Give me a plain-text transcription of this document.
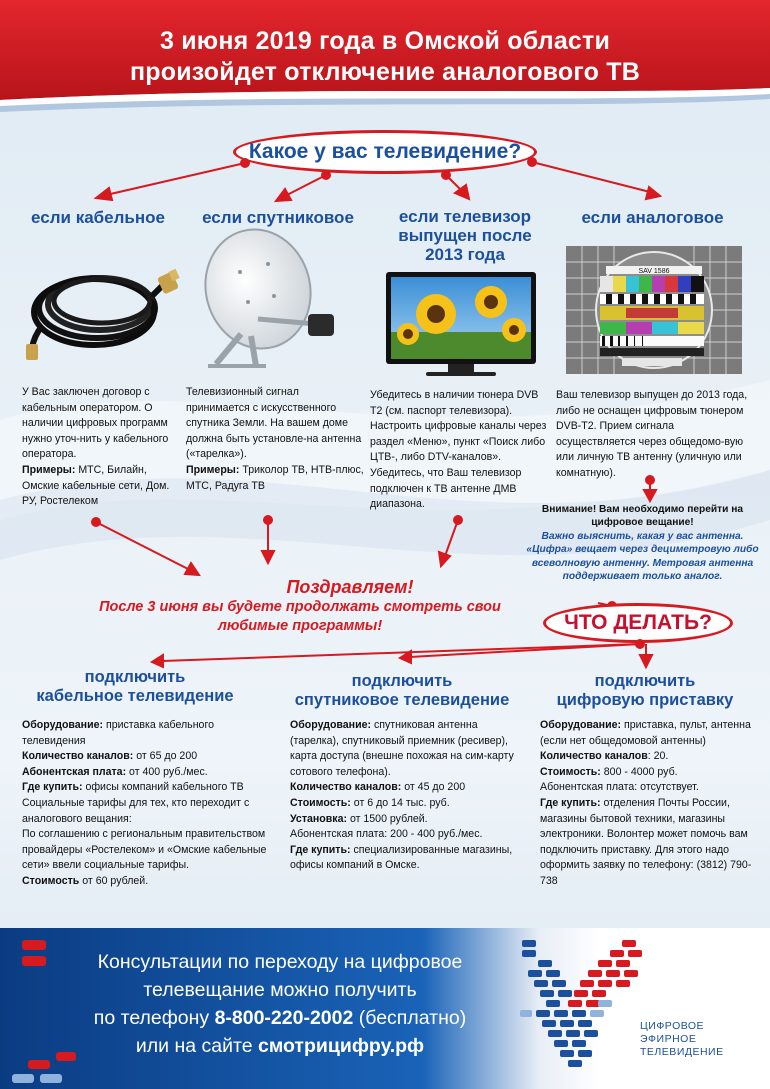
3 июня 2019 года в Омской области
произойдет отключение аналогового ТВ
Какое у вас телевидение?
если кабельное	если спутниковое	если телевизор
выпущен после
2013 года
если аналоговое
SAV 1586
У Вас заключен договор с кабельным оператором. О наличии цифровых программ нужно уточ-нить у кабельного оператора.
Примеры: МТС, Билайн, Омские кабельные сети, Дом. РУ, Ростелеком
Телевизионный сигнал принимается с искусственного спутника Земли. На вашем доме должна быть установле-на антенна («тарелка»).
Примеры: Триколор ТВ, НТВ-плюс, МТС, Радуга ТВ
Убедитесь в наличии тюнера DVB T2 (см. паспорт телевизора). Настроить цифровые каналы через раздел «Меню», пункт «Поиск либо ЦТВ-, либо DTV-каналов». Убедитесь, что Ваш телевизор подключен к ТВ антенне ДМВ диапазона.
Ваш телевизор выпущен до 2013 года, либо не оснащен цифровым тюнером DVB-T2. Прием сигнала осуществляется через общедомо-вую или личную ТВ антенну (уличную или комнатную).
Внимание! Вам необходимо перейти на цифровое вещание!
Важно выяснить, какая у вас антенна. «Цифра» вещает через дециметровую либо всеволновую антенну. Метровая антенна поддерживает только аналог.
Поздравляем!
После 3 июня вы будете продолжать смотреть свои любимые программы!	ЧТО ДЕЛАТЬ?
подключить
кабельное телевидение
подключить
спутниковое телевидение
подключить
цифровую приставку
Оборудование: приставка кабельного телевидения
Количество каналов: от 65 до 200
Абонентская плата: от 400 руб./мес.
Где купить: офисы компаний кабельного ТВ
Социальные тарифы для тех, кто переходит с аналогового вещания:
По соглашению с региональным правительством провайдеры «Ростелеком» и «Омские кабельные сети» ввели социальные тарифы.
Стоимость от 60 рублей.
Оборудование: спутниковая антенна (тарелка), спутниковый приемник (ресивер), карта доступа (внешне похожая на сим-карту сотового телефона).
Количество каналов: от 45 до 200
Стоимость: от 6 до 14 тыс. руб.
Установка: от 1500 рублей.
Абонентская плата: 200 - 400 руб./мес.
Где купить: специализированные магазины, офисы компаний в Омске.
Оборудование: приставка, пульт, антенна (если нет общедомовой антенны)
Количество каналов: 20.
Стоимость: 800 - 4000 руб.
Абонентская плата: отсутствует.
Где купить: отделения Почты России, магазины бытовой техники, магазины электроники. Волонтер может помочь вам подключить приставку. Для этого надо оформить заявку по телефону: (3812) 790-738
Консультации по переходу на цифровое
телевещание можно получить
по телефону 8-800-220-2002 (бесплатно)
или на сайте смотрицифру.рф
ЦИФРОВОЕ
ЭФИРНОЕ
ТЕЛЕВИДЕНИЕ
